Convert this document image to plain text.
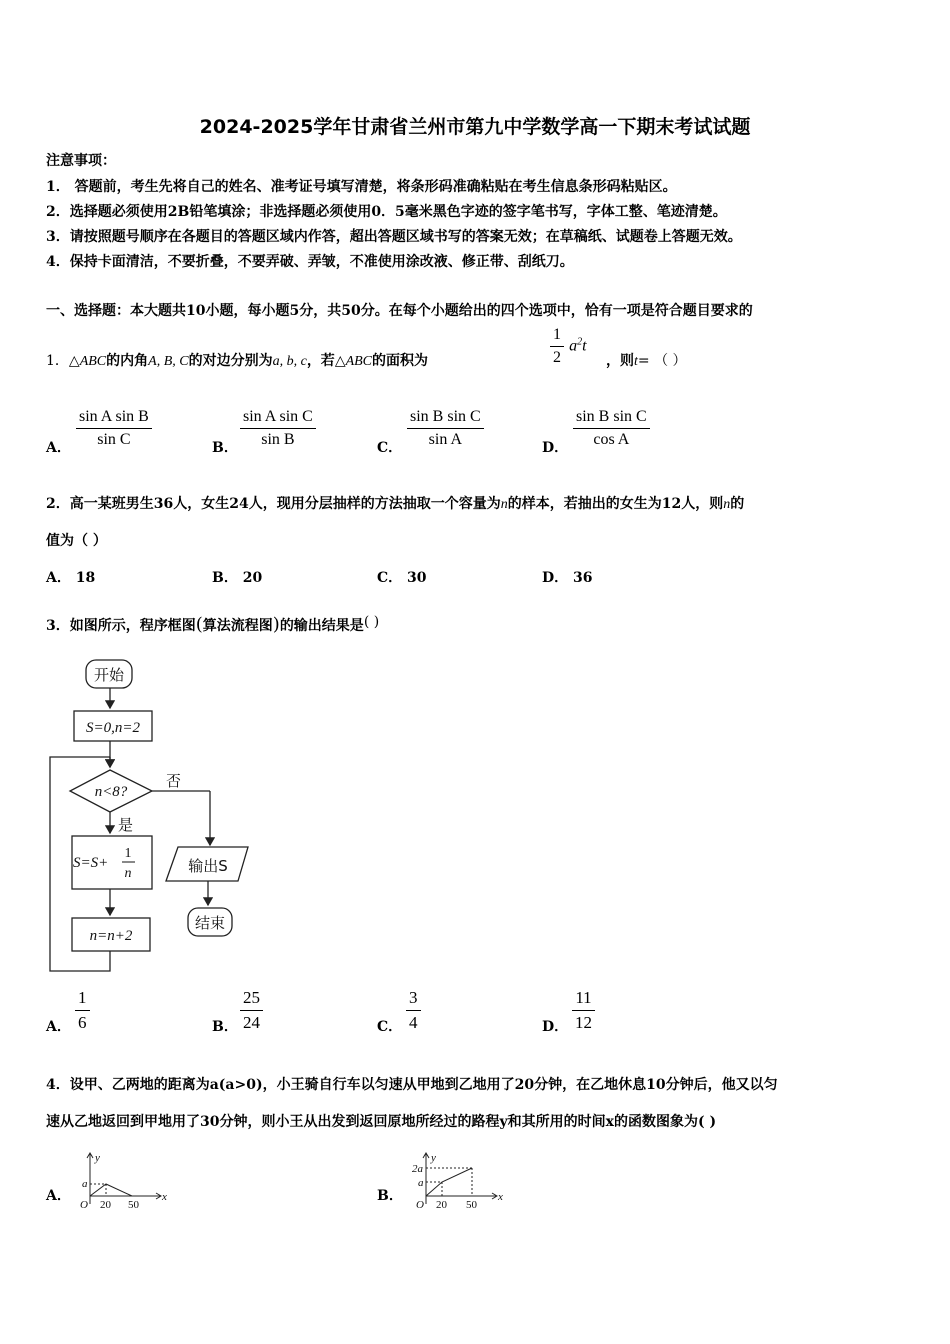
2024-2025学年甘肃省兰州市第九中学数学高一下期末考试试题
注意事项：
1． 答题前，考生先将自己的姓名、准考证号填写清楚，将条形码准确粘贴在考生信息条形码粘贴区。
2．选择题必须使用2B铅笔填涂；非选择题必须使用0．5毫米黑色字迹的签字笔书写，字体工整、笔迹清楚。
3．请按照题号顺序在各题目的答题区域内作答，超出答题区域书写的答案无效；在草稿纸、试题卷上答题无效。
4．保持卡面清洁，不要折叠，不要弄破、弄皱，不准使用涂改液、修正带、刮纸刀。
一、选择题：本大题共10小题，每小题5分，共50分。在每个小题给出的四个选项中，恰有一项是符合题目要求的
1．△ABC的内角A, B, C的对边分别为a, b, c，若△ABC的面积为	$\frac{1}{2} a^2t$
，则t= （ ）
A． $\frac{\text{sin A sin B}}{\text{sin C}}$	B． $\frac{\text{sin A sin C}}{\text{sin B}}$	C． $\frac{\text{sin B sin C}}{\text{sin A}}$	D． $\frac{\text{sin B sin C}}{\text{cos A}}$
2．高一某班男生36人，女生24人，现用分层抽样的方法抽取一个容量为n的样本，若抽出的女生为12人，则n的
值为（ ）
A． 18	B． 20	C． 30	D． 36
3．如图所示，程序框图(算法流程图)的输出结果是( )
开始
S=0,n=2
n<8?
否
是
S=S+
1
n	输出S
n=n+2
结束
A． $\frac{1}{6}$	B． $\frac{25}{24}$	C． $\frac{3}{4}$	D． $\frac{11}{12}$
4．设甲、乙两地的距离为a(a>0)，小王骑自行车以匀速从甲地到乙地用了20分钟，在乙地休息10分钟后，他又以匀
速从乙地返回到甲地用了30分钟，则小王从出发到返回原地所经过的路程y和其所用的时间x的函数图象为( )
A．
y
x
O
a
20 50
B．
y
x
O
a
2a
20 50
